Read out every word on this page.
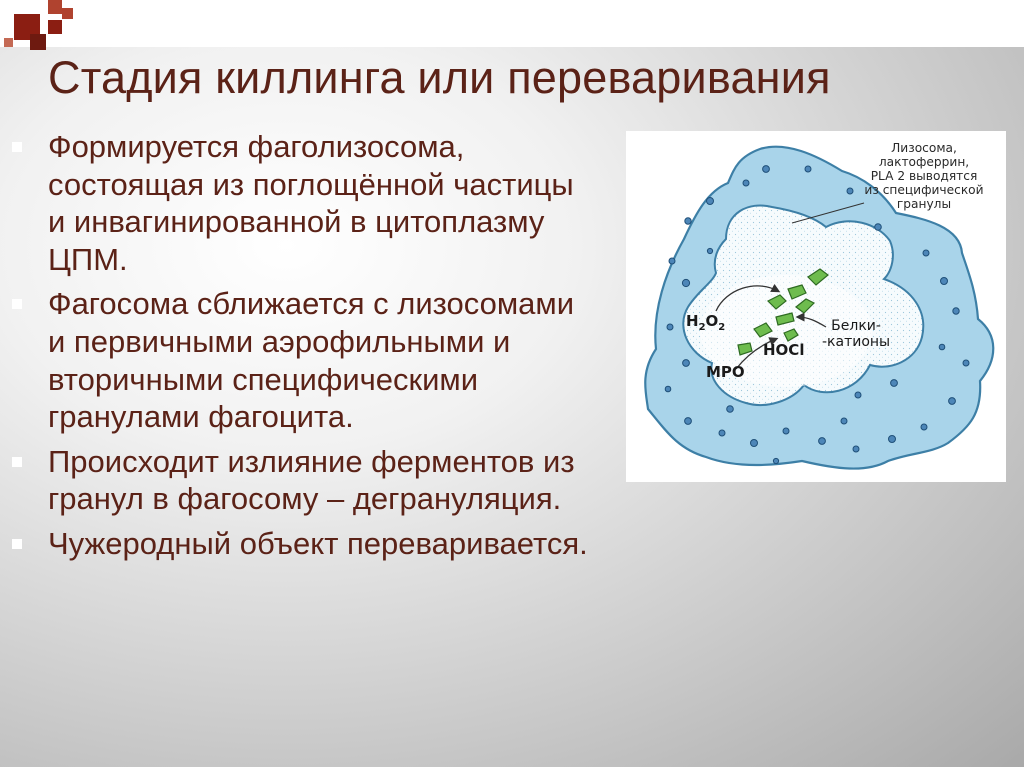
Стадия киллинга или переваривания
Формируется фаголизосома, состоящая из поглощённой частицы и инвагинированной в цитоплазму ЦПМ.
Фагосома сближается с лизосомами и первичными аэрофильными и вторичными специфическими гранулами фагоцита.
Происходит излияние ферментов из гранул в фагосому – дегрануляция.
Чужеродный объект переваривается.
Лизосома,
лактоферрин,
PLA 2 выводятся
из специфической
гранулы
$H_2O_2$
HOCl
МРО
Белки-
-катионы
